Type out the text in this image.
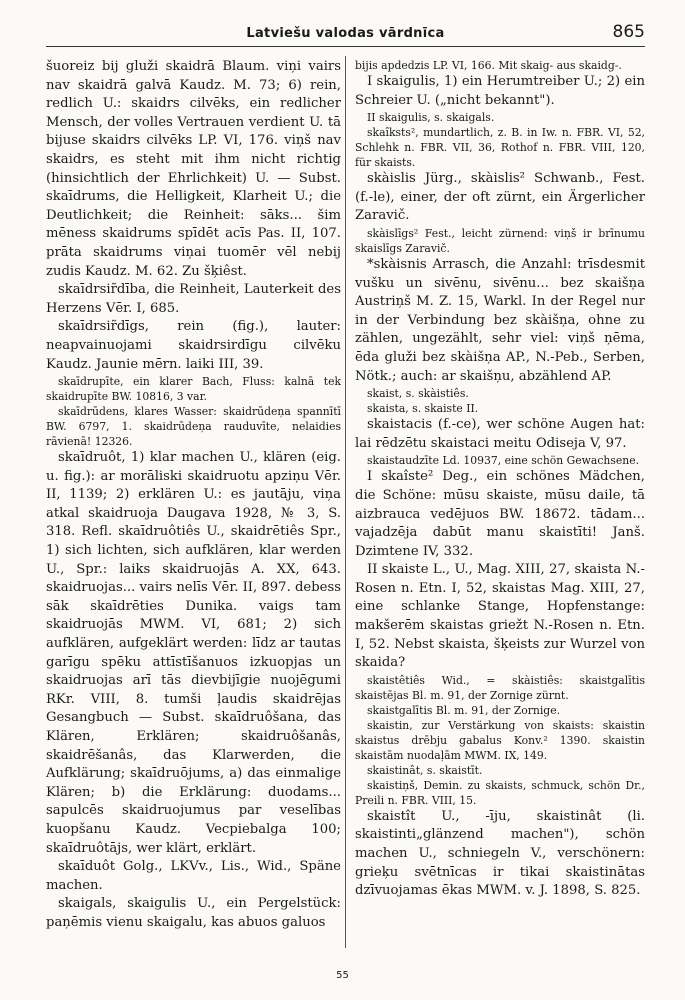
Latviešu valodas vārdnīca	865

šuoreiz bij gluži skaidrā Blaum. viņi vairs nav skaidrā galvā Kaudz. M. 73; 6) rein, redlich U.: skaidrs cilvēks, ein redlicher Mensch, der volles Vertrauen verdient U. tā bijuse skaidrs cilvēks LP. VI, 176. viņš nav skaidrs, es steht mit ihm nicht richtig (hinsichtlich der Ehrlichkeit) U. — Subst. skaīdrums, die Helligkeit, Klarheit U.; die Deutlichkeit; die Reinheit: sāks... šim mēness skaidrums spīdēt acīs Pas. II, 107. prāta skaidrums viņai tuomēr vēl nebij zudis Kaudz. M. 62. Zu šķiêst.

skaīdrsir̃dība, die Reinheit, Lauterkeit des Herzens Vēr. I, 685.

skaīdrsir̃dīgs, rein (fig.), lauter: neapvainuojami skaidrsirdīgu cilvēku Kaudz. Jaunie mērn. laiki III, 39.

skaīdrupīte, ein klarer Bach, Fluss: kalnā tek skaidrupīte BW. 10816, 3 var.

skaīdrūdens, klares Wasser: skaidrūdeņa spannītī BW. 6797, 1. skaidrūdeņa rauduvīte, nelaidies rāvienā! 12326.

skaīdruôt, 1) klar machen U., klären (eig. u. fig.): ar morāliski skaidruotu apziņu Vēr. II, 1139; 2) erklären U.: es jautāju, viņa atkal skaidruoja Daugava 1928, № 3, S. 318. Refl. skaīdruôtiês U., skaidrētiês Spr., 1) sich lichten, sich aufklären, klar werden U., Spr.: laiks skaidruojās A. XX, 643. skaidruojas... vairs nelīs Vēr. II, 897. debess sāk skaīdrēties Dunika. vaigs tam skaidruojās MWM. VI, 681; 2) sich aufklären, aufgeklärt werden: līdz ar tautas garīgu spēku attīstīšanuos izkuopjas un skaidruojas arī tās dievbijīgie nuojēgumi RKr. VIII, 8. tumši ļaudis skaidrējas Gesangbuch — Subst. skaīdruôšana, das Klären, Erklären; skaidruôšanâs, skaidrēšanâs, das Klarwerden, die Aufklärung; skaīdruōjums, a) das einmalige Klären; b) die Erklärung: duodams... sapulcēs skaidruojumus par veselības kuopšanu Kaudz. Vecpiebalga 100; skaīdruôtājs, wer klärt, erklärt.

skaīduôt Golg., LKVv., Lis., Wid., Späne machen.

skaigals, skaigulis U., ein Pergelstück: paņēmis vienu skaigalu, kas abuos galuos

bijis apdedzis LP. VI, 166. Mit skaig- aus skaidg-.

I skaigulis, 1) ein Herumtreiber U.; 2) ein Schreier U. („nicht bekannt").

II skaigulis, s. skaigals.

skaîksts², mundartlich, z. B. in Iw. n. FBR. VI, 52, Schlehk n. FBR. VII, 36, Rothof n. FBR. VIII, 120, für skaists.

skàislis Jürg., skàislis² Schwanb., Fest. (f.-le), einer, der oft zürnt, ein Ärgerlicher Zaravič.

skàislīgs² Fest., leicht zürnend: viņš ir brīnumu skaislīgs Zaravič.

*skàisnis Arrasch, die Anzahl: trīsdesmit vušku un sivēnu, sivēnu... bez skaišņa Austriņš M. Z. 15, Warkl. In der Regel nur in der Verbindung bez skàišņa, ohne zu zählen, ungezählt, sehr viel: viņš ņēma, ēda gluži bez skàišņa AP., N.-Peb., Serben, Nötk.; auch: ar skaišņu, abzählend AP.

skaist, s. skàistiês.

skaista, s. skaiste II.

skaistacis (f.-ce), wer schöne Augen hat: lai rēdzētu skaistaci meitu Odiseja V, 97.

skaistaudzīte Ld. 10937, eine schön Gewachsene.

I skaîste² Deg., ein schönes Mädchen, die Schöne: mūsu skaiste, mūsu daile, tā aizbrauca vedējuos BW. 18672. tādam... vajadzēja dabūt manu skaistīti! Janš. Dzimtene IV, 332.

II skaiste L., U., Mag. XIII, 27, skaista N.-Rosen n. Etn. I, 52, skaistas Mag. XIII, 27, eine schlanke Stange, Hopfenstange: makšerēm skaistas griežt N.-Rosen n. Etn. I, 52. Nebst skaista, šķeists zur Wurzel von skaida?

skaistêtiês Wid., = skàistiês: skaistgalītis skaistējas Bl. m. 91, der Zornige zürnt.

skaistgalītis Bl. m. 91, der Zornige.

skaistin, zur Verstärkung von skaists: skaistin skaistus drēbju gabalus Konv.² 1390. skaistin skaistām nuodaļām MWM. IX, 149.

skaistinât, s. skaistīt.

skaistiņš, Demin. zu skaists, schmuck, schön Dr., Preili n. FBR. VIII, 15.

skaistît U., -īju, skaistinât (li. skaistinti„glänzend machen"), schön machen U., schniegeln V., verschönern: grieķu svētnīcas ir tikai skaistinātas dzīvuojamas ēkas MWM. v. J. 1898, S. 825.

55
